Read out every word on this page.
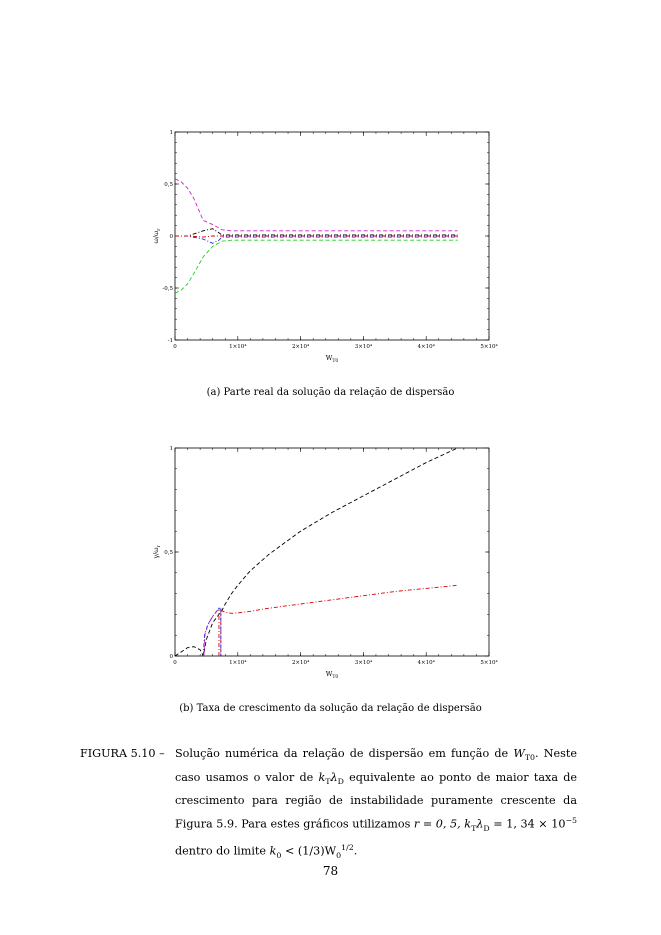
0	1×10⁴	2×10⁴	3×10⁴	4×10⁴	5×10⁴
-1
-0,5
0
0,5
1
$W_{T0}$
$\omega/\omega_r$
(a) Parte real da solução da relação de dispersão
0	1×10⁴	2×10⁴	3×10⁴	4×10⁴	5×10⁴
0
0,5
1
$W_{T0}$
$\gamma/\omega_r$
(b) Taxa de crescimento da solução da relação de dispersão
FIGURA 5.10 – Solução numérica da relação de dispersão em função de $W_{T0}$. Neste caso usamos o valor de $k_T\lambda_D$ equivalente ao ponto de maior taxa de crescimento para região de instabilidade puramente crescente da Figura 5.9. Para estes gráficos utilizamos r = 0, 5, $k_T\lambda_D = 1$, $34 \times 10^{-5}$ dentro do limite $k_0 < (1/3)W_0^{1/2}$.
78
